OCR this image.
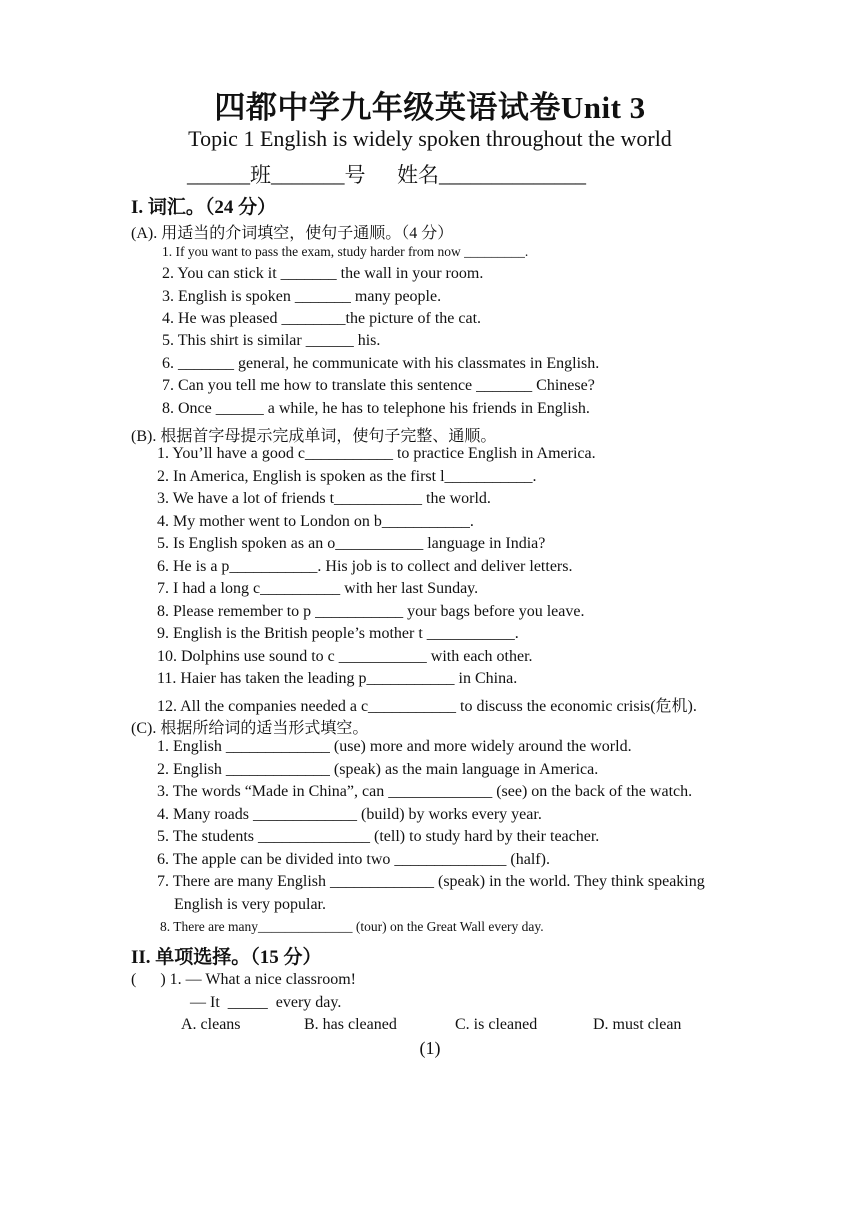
四都中学九年级英语试卷Unit 3
Topic 1 English is widely spoken throughout the world
______班_______号      姓名______________
I. 词汇。（24 分）
(A). 用适当的介词填空，使句子通顺。（4 分）
1. If you want to pass the exam, study harder from now _________.
2. You can stick it _______ the wall in your room.
3. English is spoken _______ many people.
4. He was pleased ________the picture of the cat.
5. This shirt is similar ______ his.
6. _______ general, he communicate with his classmates in English.
7. Can you tell me how to translate this sentence _______ Chinese?
8. Once ______ a while, he has to telephone his friends in English.
(B). 根据首字母提示完成单词，使句子完整、通顺。
1. You’ll have a good c___________ to practice English in America.
2. In America, English is spoken as the first l___________.
3. We have a lot of friends t___________ the world.
4. My mother went to London on b___________.
5. Is English spoken as an o___________ language in India?
6. He is a p___________. His job is to collect and deliver letters.
7. I had a long c__________ with her last Sunday.
8. Please remember to p ___________ your bags before you leave.
9. English is the British people’s mother t ___________.
10. Dolphins use sound to c ___________ with each other.
11. Haier has taken the leading p___________ in China.
12. All the companies needed a c___________ to discuss the economic crisis(危机).
(C). 根据所给词的适当形式填空。
1. English _____________ (use) more and more widely around the world.
2. English _____________ (speak) as the main language in America.
3. The words “Made in China”, can _____________ (see) on the back of the watch.
4. Many roads _____________ (build) by works every year.
5. The students ______________ (tell) to study hard by their teacher.
6. The apple can be divided into two ______________ (half).
7. There are many English _____________ (speak) in the world. They think speaking
English is very popular.
8. There are many______________ (tour) on the Great Wall every day.
II. 单项选择。（15 分）
(      ) 1. — What a nice classroom!
— It  _____  every day.
A. cleans	B. has cleaned	C. is cleaned	D. must clean
(1)
